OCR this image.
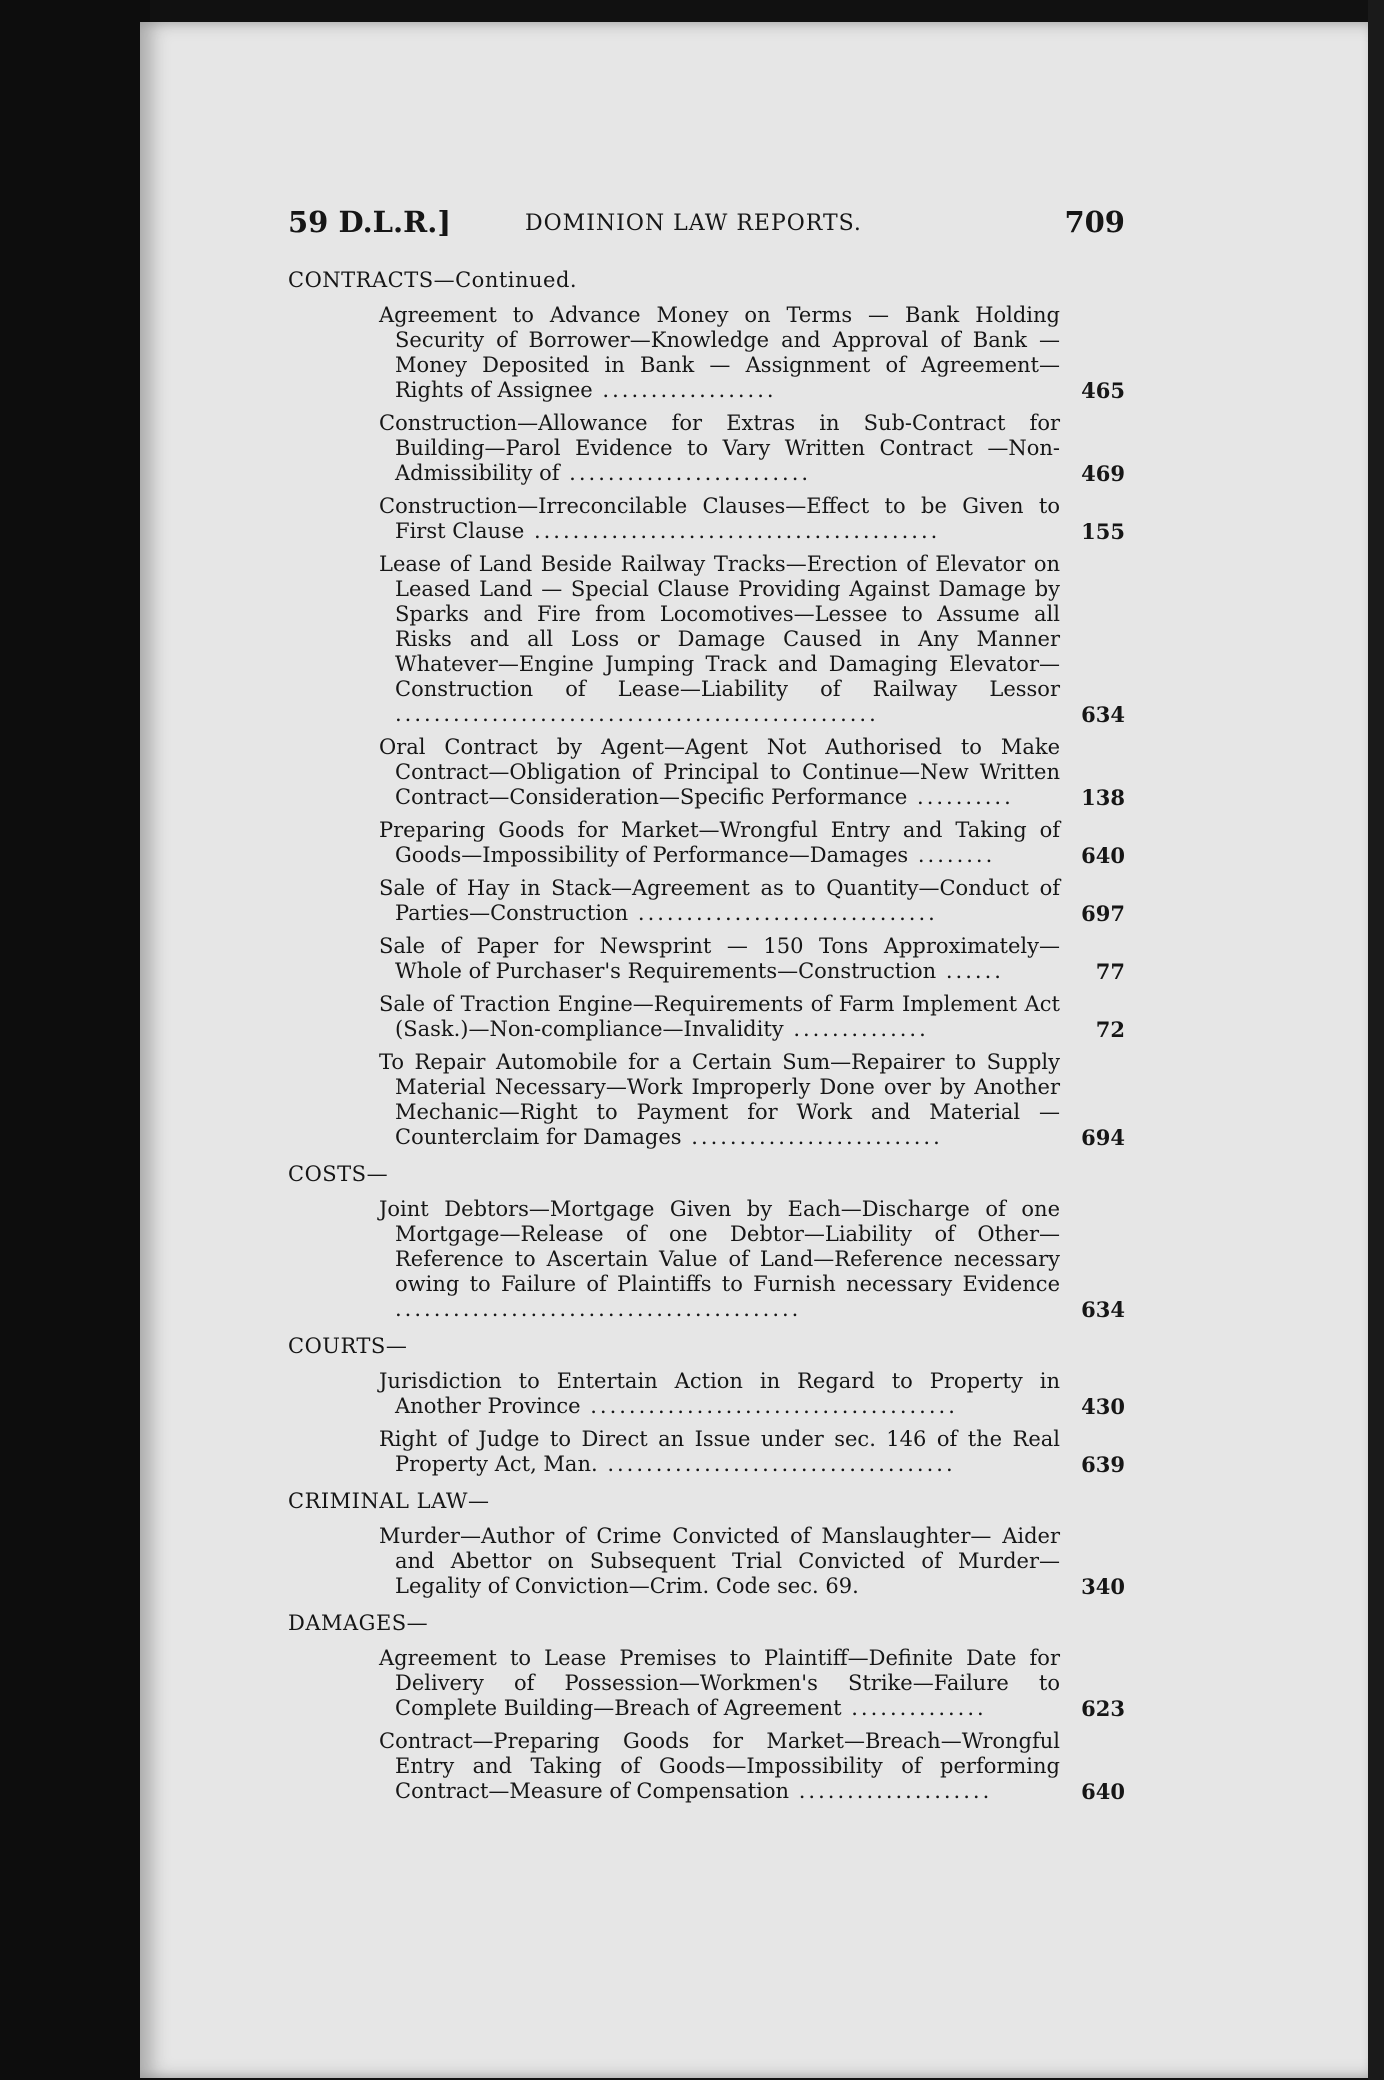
59 D.L.R.]	DOMINION LAW REPORTS.	709
CONTRACTS—Continued.
Agreement to Advance Money on Terms — Bank Holding Security of Borrower—Knowledge and Approval of Bank — Money Deposited in Bank — Assignment of Agreement—Rights of Assignee ..................	465
Construction—Allowance for Extras in Sub-Contract for Building—Parol Evidence to Vary Written Contract —Non-Admissibility of .........................	469
Construction—Irreconcilable Clauses—Effect to be Given to First Clause ..........................................	155
Lease of Land Beside Railway Tracks—Erection of Elevator on Leased Land — Special Clause Providing Against Damage by Sparks and Fire from Locomotives—Lessee to Assume all Risks and all Loss or Damage Caused in Any Manner Whatever—Engine Jumping Track and Damaging Elevator—Construction of Lease—Liability of Railway Lessor ..................................................	634
Oral Contract by Agent—Agent Not Authorised to Make Contract—Obligation of Principal to Continue—New Written Contract—Consideration—Specific Performance ..........	138
Preparing Goods for Market—Wrongful Entry and Taking of Goods—Impossibility of Performance—Damages ........	640
Sale of Hay in Stack—Agreement as to Quantity—Conduct of Parties—Construction ...............................	697
Sale of Paper for Newsprint — 150 Tons Approximately— Whole of Purchaser's Requirements—Construction ......	77
Sale of Traction Engine—Requirements of Farm Implement Act (Sask.)—Non-compliance—Invalidity ..............	72
To Repair Automobile for a Certain Sum—Repairer to Supply Material Necessary—Work Improperly Done over by Another Mechanic—Right to Payment for Work and Material —Counterclaim for Damages ..........................	694
COSTS—
Joint Debtors—Mortgage Given by Each—Discharge of one Mortgage—Release of one Debtor—Liability of Other— Reference to Ascertain Value of Land—Reference necessary owing to Failure of Plaintiffs to Furnish necessary Evidence ..........................................	634
COURTS—
Jurisdiction to Entertain Action in Regard to Property in Another Province ......................................	430
Right of Judge to Direct an Issue under sec. 146 of the Real Property Act, Man. ....................................	639
CRIMINAL LAW—
Murder—Author of Crime Convicted of Manslaughter— Aider and Abettor on Subsequent Trial Convicted of Murder—Legality of Conviction—Crim. Code sec. 69.	340
DAMAGES—
Agreement to Lease Premises to Plaintiff—Definite Date for Delivery of Possession—Workmen's Strike—Failure to Complete Building—Breach of Agreement ..............	623
Contract—Preparing Goods for Market—Breach—Wrongful Entry and Taking of Goods—Impossibility of performing Contract—Measure of Compensation ....................	640
